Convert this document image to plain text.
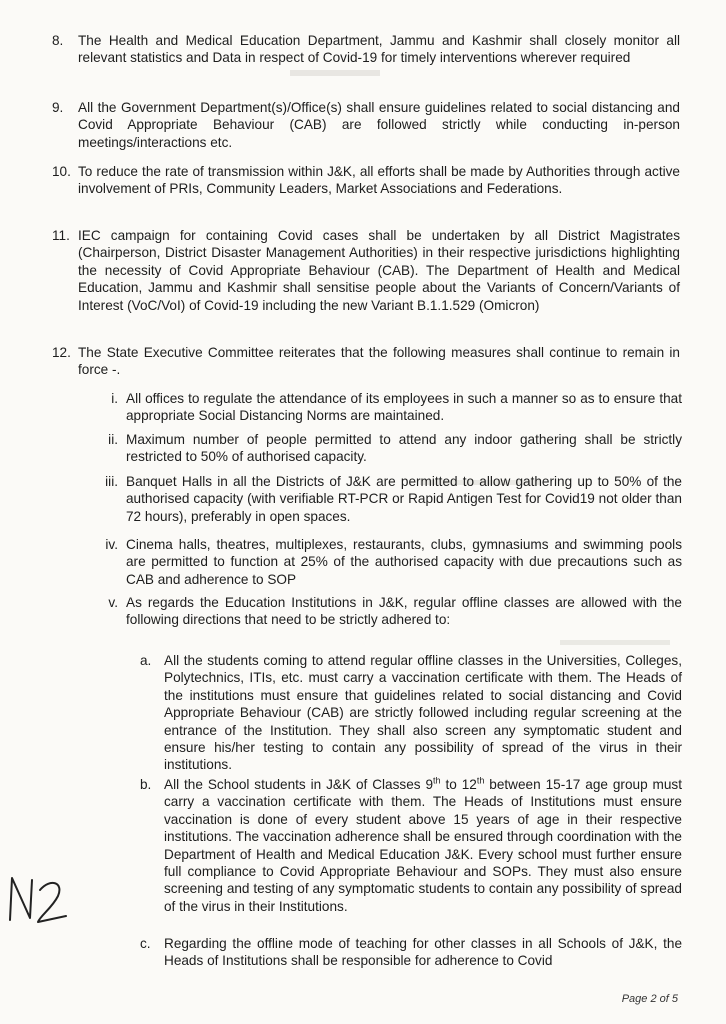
8.	The Health and Medical Education Department, Jammu and Kashmir shall closely monitor all relevant statistics and Data in respect of Covid-19 for timely interventions wherever required
9.	All the Government Department(s)/Office(s) shall ensure guidelines related to social distancing and Covid Appropriate Behaviour (CAB) are followed strictly while conducting in-person meetings/interactions etc.
10. To reduce the rate of transmission within J&K, all efforts shall be made by Authorities through active involvement of PRIs, Community Leaders, Market Associations and Federations.
11. IEC campaign for containing Covid cases shall be undertaken by all District Magistrates (Chairperson, District Disaster Management Authorities) in their respective jurisdictions highlighting the necessity of Covid Appropriate Behaviour (CAB). The Department of Health and Medical Education, Jammu and Kashmir shall sensitise people about the Variants of Concern/Variants of Interest (VoC/VoI) of Covid-19 including the new Variant B.1.1.529 (Omicron)
12. The State Executive Committee reiterates that the following measures shall continue to remain in force -.
i. All offices to regulate the attendance of its employees in such a manner so as to ensure that appropriate Social Distancing Norms are maintained.
ii. Maximum number of people permitted to attend any indoor gathering shall be strictly restricted to 50% of authorised capacity.
iii. Banquet Halls in all the Districts of J&K are permitted to allow gathering up to 50% of the authorised capacity (with verifiable RT-PCR or Rapid Antigen Test for Covid19 not older than 72 hours), preferably in open spaces.
iv. Cinema halls, theatres, multiplexes, restaurants, clubs, gymnasiums and swimming pools are permitted to function at 25% of the authorised capacity with due precautions such as CAB and adherence to SOP
v. As regards the Education Institutions in J&K, regular offline classes are allowed with the following directions that need to be strictly adhered to:
a. All the students coming to attend regular offline classes in the Universities, Colleges, Polytechnics, ITIs, etc. must carry a vaccination certificate with them. The Heads of the institutions must ensure that guidelines related to social distancing and Covid Appropriate Behaviour (CAB) are strictly followed including regular screening at the entrance of the Institution. They shall also screen any symptomatic student and ensure his/her testing to contain any possibility of spread of the virus in their institutions.
b. All the School students in J&K of Classes 9th to 12th between 15-17 age group must carry a vaccination certificate with them. The Heads of Institutions must ensure vaccination is done of every student above 15 years of age in their respective institutions. The vaccination adherence shall be ensured through coordination with the Department of Health and Medical Education J&K. Every school must further ensure full compliance to Covid Appropriate Behaviour and SOPs. They must also ensure screening and testing of any symptomatic students to contain any possibility of spread of the virus in their Institutions.
c. Regarding the offline mode of teaching for other classes in all Schools of J&K, the Heads of Institutions shall be responsible for adherence to Covid
Page 2 of 5
